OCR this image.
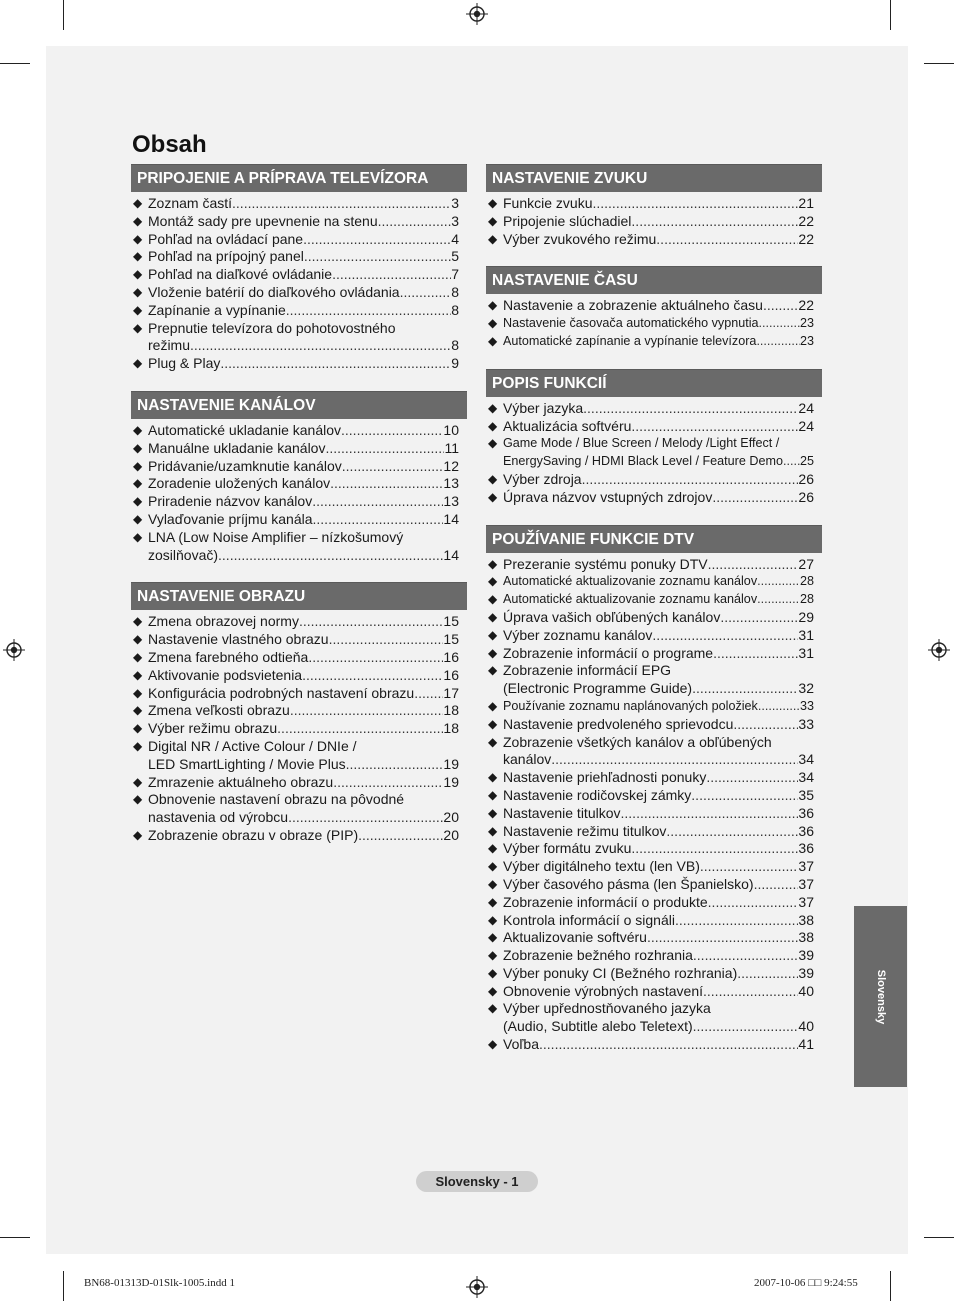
Obsah
PRIPOJENIE A PRÍPRAVA TELEVÍZORA
◆ Zoznam častí .....	3
◆ Montáž sady pre upevnenie na stenu .....	3
◆ Pohľad na ovládací pane .....	4
◆ Pohľad na prípojný panel .....	5
◆ Pohľad na diaľkové ovládanie .....	7
◆ Vloženie batérií do diaľkového ovládania .....	8
◆ Zapínanie a vypínanie .....	8
◆ Prepnutie televízora do pohotovostného
režimu .....	8
◆ Plug & Play .....	9
NASTAVENIE KANÁLOV
◆ Automatické ukladanie kanálov .....	10
◆ Manuálne ukladanie kanálov .....	11
◆ Pridávanie/uzamknutie kanálov .....	12
◆ Zoradenie uložených kanálov .....	13
◆ Priradenie názvov kanálov .....	13
◆ Vylaďovanie príjmu kanála .....	14
◆ LNA (Low Noise Amplifier – nízkošumový
zosilňovač) .....	14
NASTAVENIE OBRAZU
◆ Zmena obrazovej normy .....	15
◆ Nastavenie vlastného obrazu .....	15
◆ Zmena farebného odtieňa .....	16
◆ Aktivovanie podsvietenia .....	16
◆ Konfigurácia podrobných nastavení obrazu ..... 17
◆ Zmena veľkosti obrazu .....	18
◆ Výber režimu obrazu .....	18
◆ Digital NR / Active Colour / DNIe /
LED SmartLighting / Movie Plus .....	19
◆ Zmrazenie aktuálneho obrazu .....	19
◆ Obnovenie nastavení obrazu na pôvodné
nastavenia od výrobcu .....	20
◆ Zobrazenie obrazu v obraze (PIP) .....	20
NASTAVENIE ZVUKU
◆ Funkcie zvuku .....	21
◆ Pripojenie slúchadiel .....	22
◆ Výber zvukového režimu .....	22
NASTAVENIE ČASU
◆ Nastavenie a zobrazenie aktuálneho času .....	22
◆ Nastavenie časovača automatického vypnutia .....	23
◆ Automatické zapínanie a vypínanie televízora .....	23
POPIS FUNKCIÍ
◆ Výber jazyka .....	24
◆ Aktualizácia softvéru .....	24
◆ Game Mode / Blue Screen / Melody /Light Effect /
EnergySaving / HDMI Black Level / Feature Demo ..... 25
◆ Výber zdroja .....	26
◆ Úprava názvov vstupných zdrojov .....	26
POUŽÍVANIE FUNKCIE DTV
◆ Prezeranie systému ponuky DTV .....	27
◆ Automatické aktualizovanie zoznamu kanálov .....	28
◆ Automatické aktualizovanie zoznamu kanálov .....	28
◆ Úprava vašich obľúbených kanálov .....	29
◆ Výber zoznamu kanálov .....	31
◆ Zobrazenie informácií o programe .....	31
◆ Zobrazenie informácií EPG
(Electronic Programme Guide) .....	32
◆ Používanie zoznamu naplánovaných položiek .....	33
◆ Nastavenie predvoleného sprievodcu .....	33
◆ Zobrazenie všetkých kanálov a obľúbených
kanálov .....	34
◆ Nastavenie priehľadnosti ponuky .....	34
◆ Nastavenie rodičovskej zámky .....	35
◆ Nastavenie titulkov .....	36
◆ Nastavenie režimu titulkov .....	36
◆ Výber formátu zvuku .....	36
◆ Výber digitálneho textu (len VB) .....	37
◆ Výber časového pásma (len Španielsko) .....	37
◆ Zobrazenie informácií o produkte .....	37
◆ Kontrola informácií o signáli .....	38
◆ Aktualizovanie softvéru .....	38
◆ Zobrazenie bežného rozhrania .....	39
◆ Výber ponuky CI (Bežného rozhrania) .....	39
◆ Obnovenie výrobných nastavení .....	40
◆ Výber upřednostňovaného jazyka
(Audio, Subtitle alebo Teletext) .....	40
◆ Voľba .....	41
Slovensky
Slovensky - 1
BN68-01313D-01Slk-1005.indd 1	2007-10-06 □□ 9:24:55
